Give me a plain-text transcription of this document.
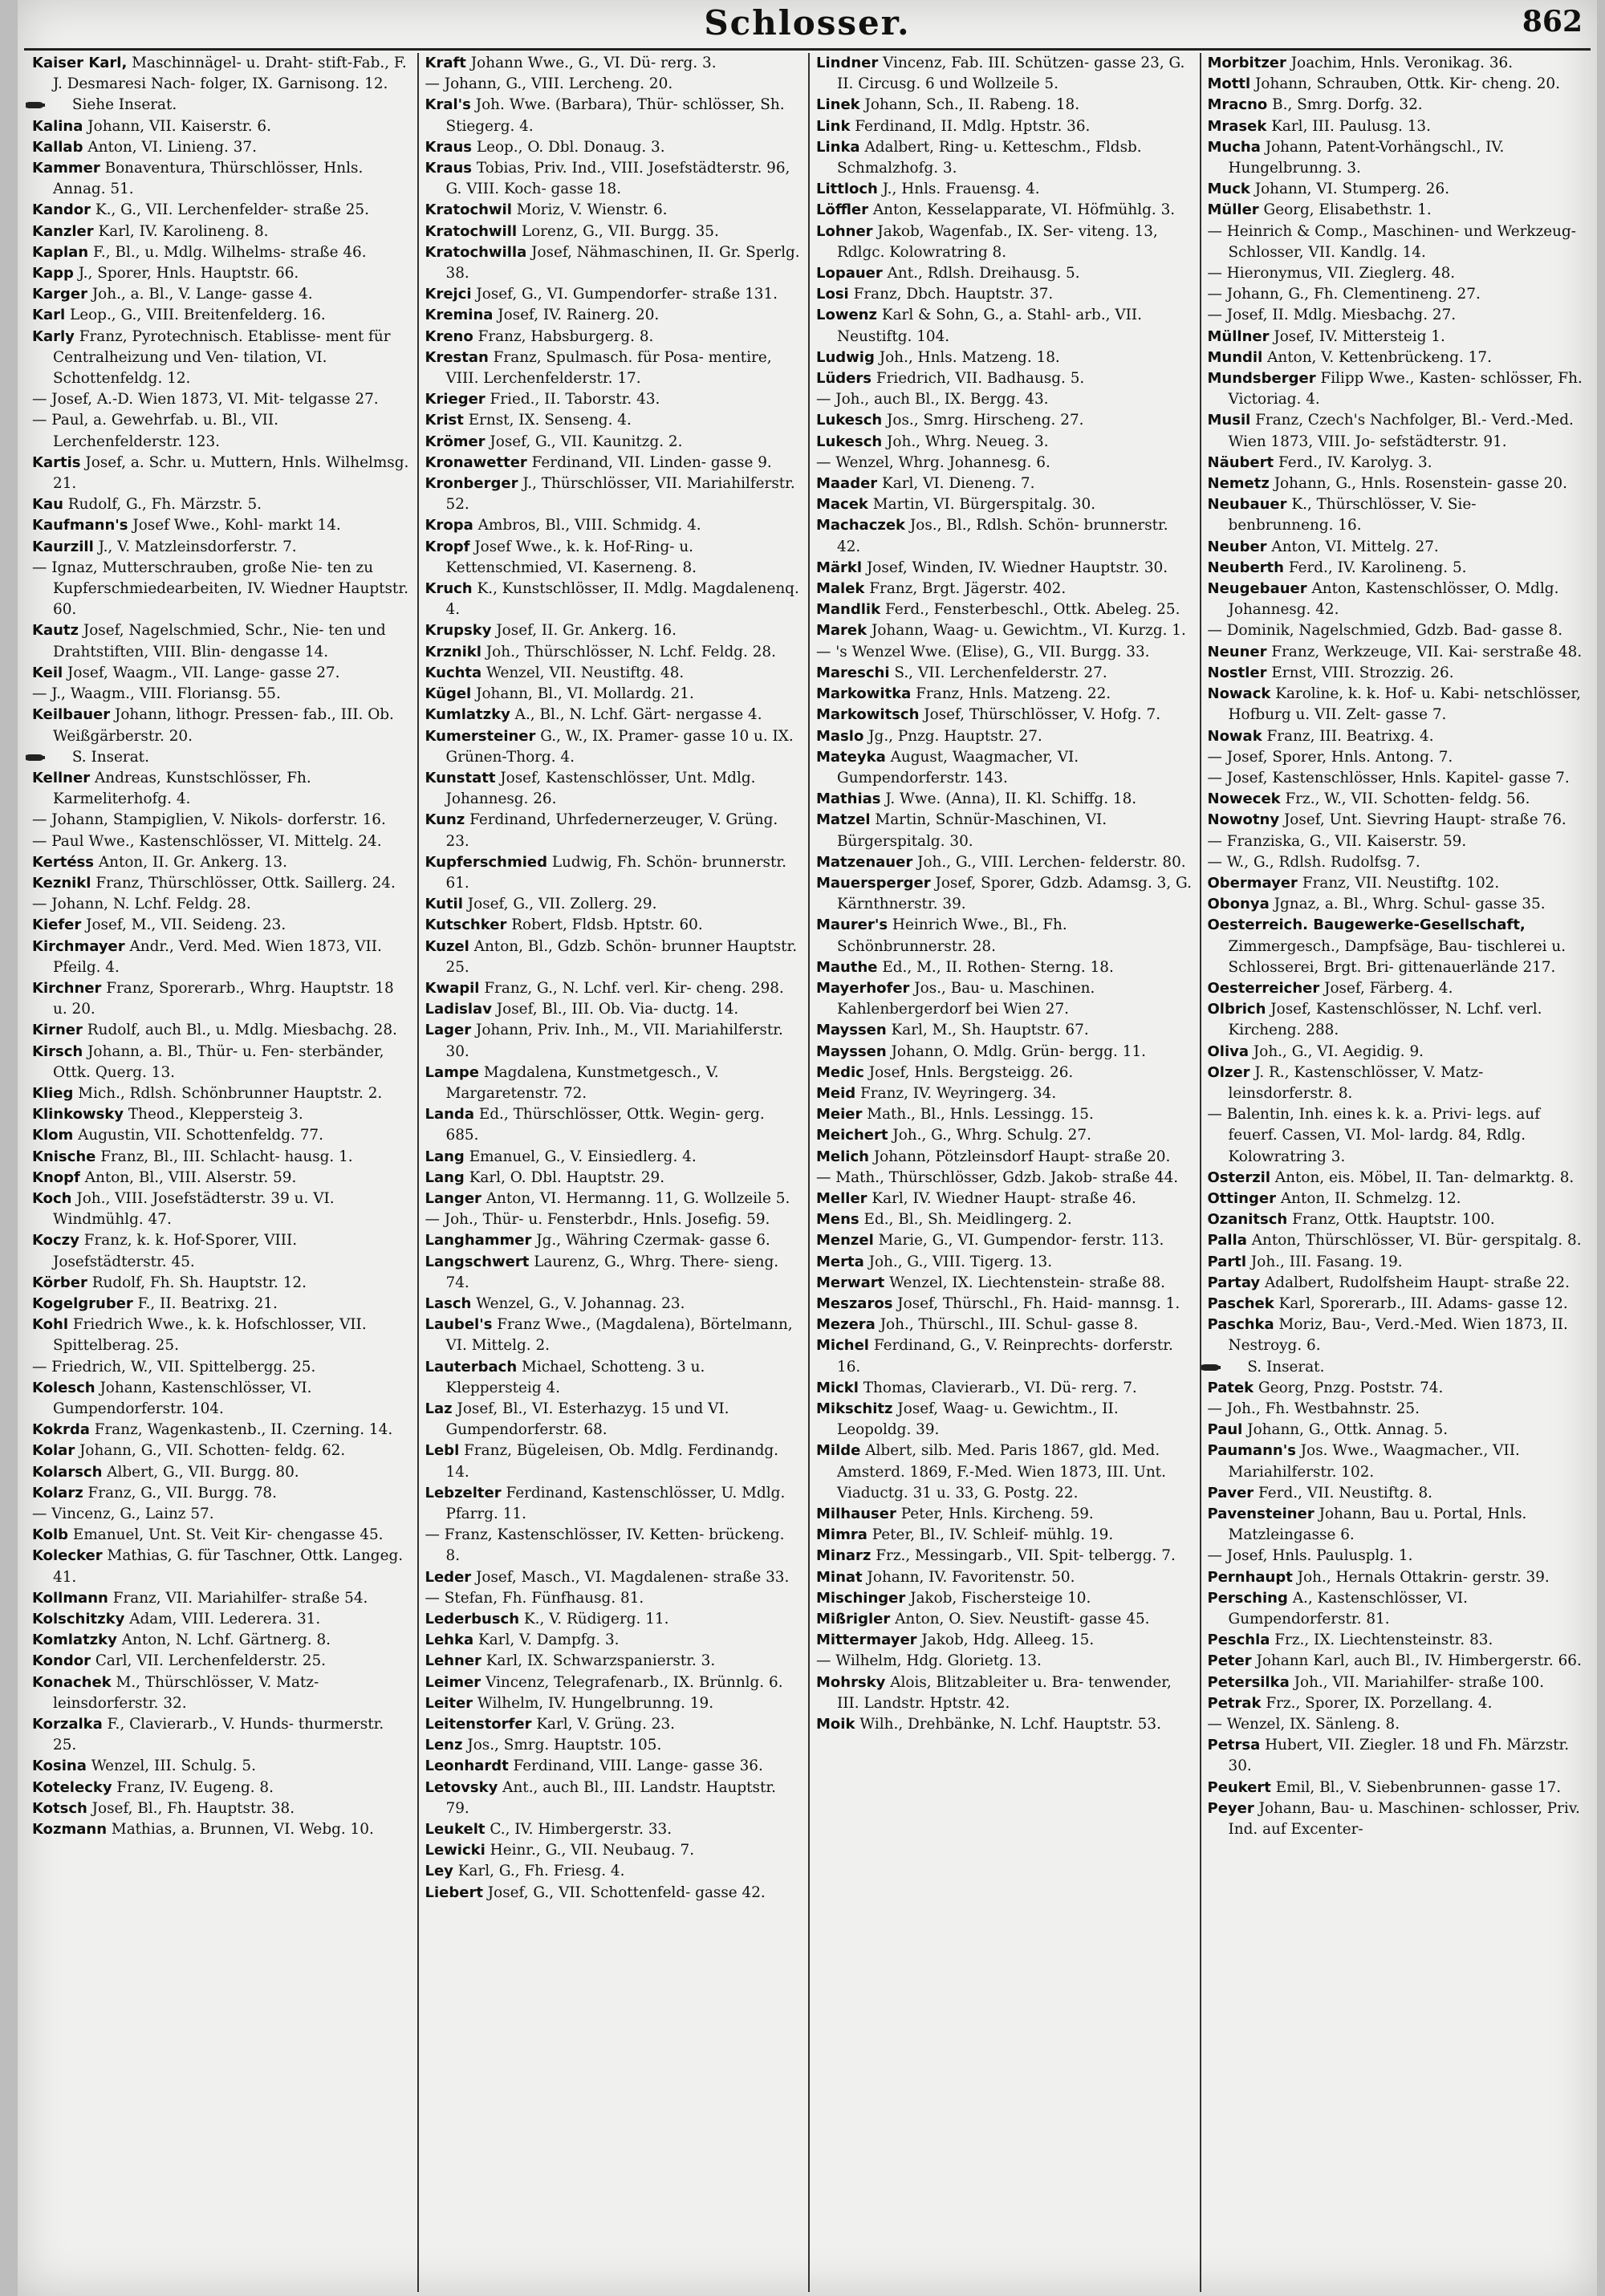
Schlosser.	862

Kaiser Karl, Maschinnägel- u. Draht- stift-Fab., F. J. Desmaresi Nach- folger, IX. Garnisong. 12.

Siehe Inserat.

Kalina Johann, VII. Kaiserstr. 6.

Kallab Anton, VI. Linieng. 37.

Kammer Bonaventura, Thürschlösser, Hnls. Annag. 51.

Kandor K., G., VII. Lerchenfelder- straße 25.

Kanzler Karl, IV. Karolineng. 8.

Kaplan F., Bl., u. Mdlg. Wilhelms- straße 46.

Kapp J., Sporer, Hnls. Hauptstr. 66.

Karger Joh., a. Bl., V. Lange- gasse 4.

Karl Leop., G., VIII. Breitenfelderg. 16.

Karly Franz, Pyrotechnisch. Etablisse- ment für Centralheizung und Ven- tilation, VI. Schottenfeldg. 12.

— Josef, A.-D. Wien 1873, VI. Mit- telgasse 27.

— Paul, a. Gewehrfab. u. Bl., VII. Lerchenfelderstr. 123.

Kartis Josef, a. Schr. u. Muttern, Hnls. Wilhelmsg. 21.

Kau Rudolf, G., Fh. Märzstr. 5.

Kaufmann's Josef Wwe., Kohl- markt 14.

Kaurzill J., V. Matzleinsdorferstr. 7.

— Ignaz, Mutterschrauben, große Nie- ten zu Kupferschmiedearbeiten, IV. Wiedner Hauptstr. 60.

Kautz Josef, Nagelschmied, Schr., Nie- ten und Drahtstiften, VIII. Blin- dengasse 14.

Keil Josef, Waagm., VII. Lange- gasse 27.

— J., Waagm., VIII. Floriansg. 55.

Keilbauer Johann, lithogr. Pressen- fab., III. Ob. Weißgärberstr. 20.

S. Inserat.

Kellner Andreas, Kunstschlösser, Fh. Karmeliterhofg. 4.

— Johann, Stampiglien, V. Nikols- dorferstr. 16.

— Paul Wwe., Kastenschlösser, VI. Mittelg. 24.

Kertéss Anton, II. Gr. Ankerg. 13.

Keznikl Franz, Thürschlösser, Ottk. Saillerg. 24.

— Johann, N. Lchf. Feldg. 28.

Kiefer Josef, M., VII. Seideng. 23.

Kirchmayer Andr., Verd. Med. Wien 1873, VII. Pfeilg. 4.

Kirchner Franz, Sporerarb., Whrg. Hauptstr. 18 u. 20.

Kirner Rudolf, auch Bl., u. Mdlg. Miesbachg. 28.

Kirsch Johann, a. Bl., Thür- u. Fen- sterbänder, Ottk. Querg. 13.

Klieg Mich., Rdlsh. Schönbrunner Hauptstr. 2.

Klinkowsky Theod., Kleppersteig 3.

Klom Augustin, VII. Schottenfeldg. 77.

Knische Franz, Bl., III. Schlacht- hausg. 1.

Knopf Anton, Bl., VIII. Alserstr. 59.

Koch Joh., VIII. Josefstädterstr. 39 u. VI. Windmühlg. 47.

Koczy Franz, k. k. Hof-Sporer, VIII. Josefstädterstr. 45.

Körber Rudolf, Fh. Sh. Hauptstr. 12.

Kogelgruber F., II. Beatrixg. 21.

Kohl Friedrich Wwe., k. k. Hofschlosser, VII. Spittelberag. 25.

— Friedrich, W., VII. Spittelbergg. 25.

Kolesch Johann, Kastenschlösser, VI. Gumpendorferstr. 104.

Kokrda Franz, Wagenkastenb., II. Czerning. 14.

Kolar Johann, G., VII. Schotten- feldg. 62.

Kolarsch Albert, G., VII. Burgg. 80.

Kolarz Franz, G., VII. Burgg. 78.

— Vincenz, G., Lainz 57.

Kolb Emanuel, Unt. St. Veit Kir- chengasse 45.

Kolecker Mathias, G. für Taschner, Ottk. Langeg. 41.

Kollmann Franz, VII. Mariahilfer- straße 54.

Kolschitzky Adam, VIII. Lederera. 31.

Komlatzky Anton, N. Lchf. Gärtnerg. 8.

Kondor Carl, VII. Lerchenfelderstr. 25.

Konachek M., Thürschlösser, V. Matz- leinsdorferstr. 32.

Korzalka F., Clavierarb., V. Hunds- thurmerstr. 25.

Kosina Wenzel, III. Schulg. 5.

Kotelecky Franz, IV. Eugeng. 8.

Kotsch Josef, Bl., Fh. Hauptstr. 38.

Kozmann Mathias, a. Brunnen, VI. Webg. 10.

Kraft Johann Wwe., G., VI. Dü- rerg. 3.

— Johann, G., VIII. Lercheng. 20.

Kral's Joh. Wwe. (Barbara), Thür- schlösser, Sh. Stiegerg. 4.

Kraus Leop., O. Dbl. Donaug. 3.

Kraus Tobias, Priv. Ind., VIII. Josefstädterstr. 96, G. VIII. Koch- gasse 18.

Kratochwil Moriz, V. Wienstr. 6.

Kratochwill Lorenz, G., VII. Burgg. 35.

Kratochwilla Josef, Nähmaschinen, II. Gr. Sperlg. 38.

Krejci Josef, G., VI. Gumpendorfer- straße 131.

Kremina Josef, IV. Rainerg. 20.

Kreno Franz, Habsburgerg. 8.

Krestan Franz, Spulmasch. für Posa- mentire, VIII. Lerchenfelderstr. 17.

Krieger Fried., II. Taborstr. 43.

Krist Ernst, IX. Senseng. 4.

Krömer Josef, G., VII. Kaunitzg. 2.

Kronawetter Ferdinand, VII. Linden- gasse 9.

Kronberger J., Thürschlösser, VII. Mariahilferstr. 52.

Kropa Ambros, Bl., VIII. Schmidg. 4.

Kropf Josef Wwe., k. k. Hof-Ring- u. Kettenschmied, VI. Kaserneng. 8.

Kruch K., Kunstschlösser, II. Mdlg. Magdalenenq. 4.

Krupsky Josef, II. Gr. Ankerg. 16.

Krznikl Joh., Thürschlösser, N. Lchf. Feldg. 28.

Kuchta Wenzel, VII. Neustiftg. 48.

Kügel Johann, Bl., VI. Mollardg. 21.

Kumlatzky A., Bl., N. Lchf. Gärt- nergasse 4.

Kumersteiner G., W., IX. Pramer- gasse 10 u. IX. Grünen-Thorg. 4.

Kunstatt Josef, Kastenschlösser, Unt. Mdlg. Johannesg. 26.

Kunz Ferdinand, Uhrfedernerzeuger, V. Grüng. 23.

Kupferschmied Ludwig, Fh. Schön- brunnerstr. 61.

Kutil Josef, G., VII. Zollerg. 29.

Kutschker Robert, Fldsb. Hptstr. 60.

Kuzel Anton, Bl., Gdzb. Schön- brunner Hauptstr. 25.

Kwapil Franz, G., N. Lchf. verl. Kir- cheng. 298.

Ladislav Josef, Bl., III. Ob. Via- ductg. 14.

Lager Johann, Priv. Inh., M., VII. Mariahilferstr. 30.

Lampe Magdalena, Kunstmetgesch., V. Margaretenstr. 72.

Landa Ed., Thürschlösser, Ottk. Wegin- gerg. 685.

Lang Emanuel, G., V. Einsiedlerg. 4.

Lang Karl, O. Dbl. Hauptstr. 29.

Langer Anton, VI. Hermanng. 11, G. Wollzeile 5.

— Joh., Thür- u. Fensterbdr., Hnls. Josefig. 59.

Langhammer Jg., Währing Czermak- gasse 6.

Langschwert Laurenz, G., Whrg. There- sieng. 74.

Lasch Wenzel, G., V. Johannag. 23.

Laubel's Franz Wwe., (Magdalena), Börtelmann, VI. Mittelg. 2.

Lauterbach Michael, Schotteng. 3 u. Kleppersteig 4.

Laz Josef, Bl., VI. Esterhazyg. 15 und VI. Gumpendorferstr. 68.

Lebl Franz, Bügeleisen, Ob. Mdlg. Ferdinandg. 14.

Lebzelter Ferdinand, Kastenschlösser, U. Mdlg. Pfarrg. 11.

— Franz, Kastenschlösser, IV. Ketten- brückeng. 8.

Leder Josef, Masch., VI. Magdalenen- straße 33.

— Stefan, Fh. Fünfhausg. 81.

Lederbusch K., V. Rüdigerg. 11.

Lehka Karl, V. Dampfg. 3.

Lehner Karl, IX. Schwarzspanierstr. 3.

Leimer Vincenz, Telegrafenarb., IX. Brünnlg. 6.

Leiter Wilhelm, IV. Hungelbrunng. 19.

Leitenstorfer Karl, V. Grüng. 23.

Lenz Jos., Smrg. Hauptstr. 105.

Leonhardt Ferdinand, VIII. Lange- gasse 36.

Letovsky Ant., auch Bl., III. Landstr. Hauptstr. 79.

Leukelt C., IV. Himbergerstr. 33.

Lewicki Heinr., G., VII. Neubaug. 7.

Ley Karl, G., Fh. Friesg. 4.

Liebert Josef, G., VII. Schottenfeld- gasse 42.

Lindner Vincenz, Fab. III. Schützen- gasse 23, G. II. Circusg. 6 und Wollzeile 5.

Linek Johann, Sch., II. Rabeng. 18.

Link Ferdinand, II. Mdlg. Hptstr. 36.

Linka Adalbert, Ring- u. Ketteschm., Fldsb. Schmalzhofg. 3.

Littloch J., Hnls. Frauensg. 4.

Löffler Anton, Kesselapparate, VI. Höfmühlg. 3.

Lohner Jakob, Wagenfab., IX. Ser- viteng. 13, Rdlgc. Kolowratring 8.

Lopauer Ant., Rdlsh. Dreihausg. 5.

Losi Franz, Dbch. Hauptstr. 37.

Lowenz Karl & Sohn, G., a. Stahl- arb., VII. Neustiftg. 104.

Ludwig Joh., Hnls. Matzeng. 18.

Lüders Friedrich, VII. Badhausg. 5.

— Joh., auch Bl., IX. Bergg. 43.

Lukesch Jos., Smrg. Hirscheng. 27.

Lukesch Joh., Whrg. Neueg. 3.

— Wenzel, Whrg. Johannesg. 6.

Maader Karl, VI. Dieneng. 7.

Macek Martin, VI. Bürgerspitalg. 30.

Machaczek Jos., Bl., Rdlsh. Schön- brunnerstr. 42.

Märkl Josef, Winden, IV. Wiedner Hauptstr. 30.

Malek Franz, Brgt. Jägerstr. 402.

Mandlik Ferd., Fensterbeschl., Ottk. Abeleg. 25.

Marek Johann, Waag- u. Gewichtm., VI. Kurzg. 1.

— 's Wenzel Wwe. (Elise), G., VII. Burgg. 33.

Mareschi S., VII. Lerchenfelderstr. 27.

Markowitka Franz, Hnls. Matzeng. 22.

Markowitsch Josef, Thürschlösser, V. Hofg. 7.

Maslo Jg., Pnzg. Hauptstr. 27.

Mateyka August, Waagmacher, VI. Gumpendorferstr. 143.

Mathias J. Wwe. (Anna), II. Kl. Schiffg. 18.

Matzel Martin, Schnür-Maschinen, VI. Bürgerspitalg. 30.

Matzenauer Joh., G., VIII. Lerchen- felderstr. 80.

Mauersperger Josef, Sporer, Gdzb. Adamsg. 3, G. Kärnthnerstr. 39.

Maurer's Heinrich Wwe., Bl., Fh. Schönbrunnerstr. 28.

Mauthe Ed., M., II. Rothen- Sterng. 18.

Mayerhofer Jos., Bau- u. Maschinen. Kahlenbergerdorf bei Wien 27.

Mayssen Karl, M., Sh. Hauptstr. 67.

Mayssen Johann, O. Mdlg. Grün- bergg. 11.

Medic Josef, Hnls. Bergsteigg. 26.

Meid Franz, IV. Weyringerg. 34.

Meier Math., Bl., Hnls. Lessingg. 15.

Meichert Joh., G., Whrg. Schulg. 27.

Melich Johann, Pötzleinsdorf Haupt- straße 20.

— Math., Thürschlösser, Gdzb. Jakob- straße 44.

Meller Karl, IV. Wiedner Haupt- straße 46.

Mens Ed., Bl., Sh. Meidlingerg. 2.

Menzel Marie, G., VI. Gumpendor- ferstr. 113.

Merta Joh., G., VIII. Tigerg. 13.

Merwart Wenzel, IX. Liechtenstein- straße 88.

Meszaros Josef, Thürschl., Fh. Haid- mannsg. 1.

Mezera Joh., Thürschl., III. Schul- gasse 8.

Michel Ferdinand, G., V. Reinprechts- dorferstr. 16.

Mickl Thomas, Clavierarb., VI. Dü- rerg. 7.

Mikschitz Josef, Waag- u. Gewichtm., II. Leopoldg. 39.

Milde Albert, silb. Med. Paris 1867, gld. Med. Amsterd. 1869, F.-Med. Wien 1873, III. Unt. Viaductg. 31 u. 33, G. Postg. 22.

Milhauser Peter, Hnls. Kircheng. 59.

Mimra Peter, Bl., IV. Schleif- mühlg. 19.

Minarz Frz., Messingarb., VII. Spit- telbergg. 7.

Minat Johann, IV. Favoritenstr. 50.

Mischinger Jakob, Fischersteige 10.

Mißrigler Anton, O. Siev. Neustift- gasse 45.

Mittermayer Jakob, Hdg. Alleeg. 15.

— Wilhelm, Hdg. Glorietg. 13.

Mohrsky Alois, Blitzableiter u. Bra- tenwender, III. Landstr. Hptstr. 42.

Moik Wilh., Drehbänke, N. Lchf. Hauptstr. 53.

Morbitzer Joachim, Hnls. Veronikag. 36.

Mottl Johann, Schrauben, Ottk. Kir- cheng. 20.

Mracno B., Smrg. Dorfg. 32.

Mrasek Karl, III. Paulusg. 13.

Mucha Johann, Patent-Vorhängschl., IV. Hungelbrunng. 3.

Muck Johann, VI. Stumperg. 26.

Müller Georg, Elisabethstr. 1.

— Heinrich & Comp., Maschinen- und Werkzeug-Schlosser, VII. Kandlg. 14.

— Hieronymus, VII. Zieglerg. 48.

— Johann, G., Fh. Clementineng. 27.

— Josef, II. Mdlg. Miesbachg. 27.

Müllner Josef, IV. Mittersteig 1.

Mundil Anton, V. Kettenbrückeng. 17.

Mundsberger Filipp Wwe., Kasten- schlösser, Fh. Victoriag. 4.

Musil Franz, Czech's Nachfolger, Bl.- Verd.-Med. Wien 1873, VIII. Jo- sefstädterstr. 91.

Näubert Ferd., IV. Karolyg. 3.

Nemetz Johann, G., Hnls. Rosenstein- gasse 20.

Neubauer K., Thürschlösser, V. Sie- benbrunneng. 16.

Neuber Anton, VI. Mittelg. 27.

Neuberth Ferd., IV. Karolineng. 5.

Neugebauer Anton, Kastenschlösser, O. Mdlg. Johannesg. 42.

— Dominik, Nagelschmied, Gdzb. Bad- gasse 8.

Neuner Franz, Werkzeuge, VII. Kai- serstraße 48.

Nostler Ernst, VIII. Strozzig. 26.

Nowack Karoline, k. k. Hof- u. Kabi- netschlösser, Hofburg u. VII. Zelt- gasse 7.

Nowak Franz, III. Beatrixg. 4.

— Josef, Sporer, Hnls. Antong. 7.

— Josef, Kastenschlösser, Hnls. Kapitel- gasse 7.

Nowecek Frz., W., VII. Schotten- feldg. 56.

Nowotny Josef, Unt. Sievring Haupt- straße 76.

— Franziska, G., VII. Kaiserstr. 59.

— W., G., Rdlsh. Rudolfsg. 7.

Obermayer Franz, VII. Neustiftg. 102.

Obonya Jgnaz, a. Bl., Whrg. Schul- gasse 35.

Oesterreich. Baugewerke-Gesellschaft, Zimmergesch., Dampfsäge, Bau- tischlerei u. Schlosserei, Brgt. Bri- gittenauerlände 217.

Oesterreicher Josef, Färberg. 4.

Olbrich Josef, Kastenschlösser, N. Lchf. verl. Kircheng. 288.

Oliva Joh., G., VI. Aegidig. 9.

Olzer J. R., Kastenschlösser, V. Matz- leinsdorferstr. 8.

— Balentin, Inh. eines k. k. a. Privi- legs. auf feuerf. Cassen, VI. Mol- lardg. 84, Rdlg. Kolowratring 3.

Osterzil Anton, eis. Möbel, II. Tan- delmarktg. 8.

Ottinger Anton, II. Schmelzg. 12.

Ozanitsch Franz, Ottk. Hauptstr. 100.

Palla Anton, Thürschlösser, VI. Bür- gerspitalg. 8.

Partl Joh., III. Fasang. 19.

Partay Adalbert, Rudolfsheim Haupt- straße 22.

Paschek Karl, Sporerarb., III. Adams- gasse 12.

Paschka Moriz, Bau-, Verd.-Med. Wien 1873, II. Nestroyg. 6.

S. Inserat.

Patek Georg, Pnzg. Poststr. 74.

— Joh., Fh. Westbahnstr. 25.

Paul Johann, G., Ottk. Annag. 5.

Paumann's Jos. Wwe., Waagmacher., VII. Mariahilferstr. 102.

Paver Ferd., VII. Neustiftg. 8.

Pavensteiner Johann, Bau u. Portal, Hnls. Matzleingasse 6.

— Josef, Hnls. Paulusplg. 1.

Pernhaupt Joh., Hernals Ottakrin- gerstr. 39.

Persching A., Kastenschlösser, VI. Gumpendorferstr. 81.

Peschla Frz., IX. Liechtensteinstr. 83.

Peter Johann Karl, auch Bl., IV. Himbergerstr. 66.

Petersilka Joh., VII. Mariahilfer- straße 100.

Petrak Frz., Sporer, IX. Porzellang. 4.

— Wenzel, IX. Sänleng. 8.

Petrsa Hubert, VII. Ziegler. 18 und Fh. Märzstr. 30.

Peukert Emil, Bl., V. Siebenbrunnen- gasse 17.

Peyer Johann, Bau- u. Maschinen- schlosser, Priv. Ind. auf Excenter-
